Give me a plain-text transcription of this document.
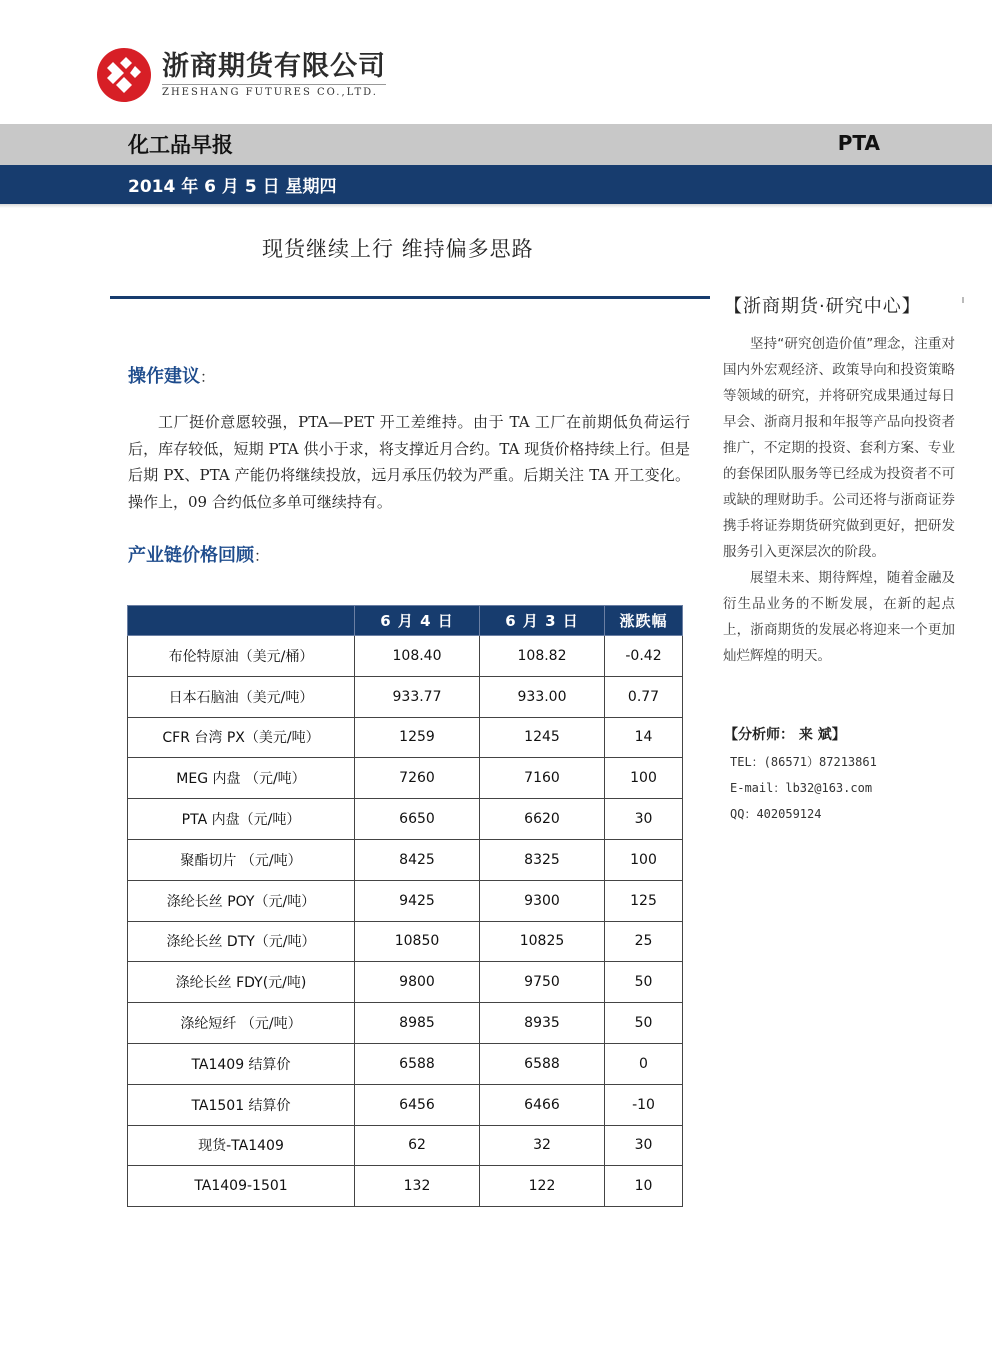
浙商期货有限公司
ZHESHANG FUTURES CO.,LTD.
化工品早报	PTA
2014 年 6 月 5 日 星期四
现货继续上行 维持偏多思路
操作建议：

工厂挺价意愿较强，PTA—PET 开工差维持。由于 TA 工厂在前期低负荷运行后，库存较低，短期 PTA 供小于求，将支撑近月合约。TA 现货价格持续上行。但是后期 PX、PTA 产能仍将继续投放，远月承压仍较为严重。后期关注 TA 开工变化。操作上，09 合约低位多单可继续持有。

产业链价格回顾：
	6 月 4 日	6 月 3 日	涨跌幅
布伦特原油（美元/桶）	108.40	108.82	-0.42
日本石脑油（美元/吨）	933.77	933.00	0.77
CFR 台湾 PX（美元/吨）	1259	1245	14
MEG 内盘 （元/吨）	7260	7160	100
PTA 内盘（元/吨）	6650	6620	30
聚酯切片 （元/吨）	8425	8325	100
涤纶长丝 POY（元/吨）	9425	9300	125
涤纶长丝 DTY（元/吨）	10850	10825	25
涤纶长丝 FDY(元/吨)	9800	9750	50
涤纶短纤 （元/吨）	8985	8935	50
TA1409 结算价	6588	6588	0
TA1501 结算价	6456	6466	-10
现货-TA1409	62	32	30
TA1409-1501	132	122	10
【浙商期货·研究中心】

坚持“研究创造价值”理念，注重对国内外宏观经济、政策导向和投资策略等领域的研究，并将研究成果通过每日早会、浙商月报和年报等产品向投资者推广，不定期的投资、套利方案、专业的套保团队服务等已经成为投资者不可或缺的理财助手。公司还将与浙商证券携手将证券期货研究做到更好，把研发服务引入更深层次的阶段。

展望未来、期待辉煌，随着金融及衍生品业务的不断发展，在新的起点上，浙商期货的发展必将迎来一个更加灿烂辉煌的明天。

【分析师： 来 斌】
TEL：(86571）87213861
E-mail：lb32@163.com
QQ：402059124
